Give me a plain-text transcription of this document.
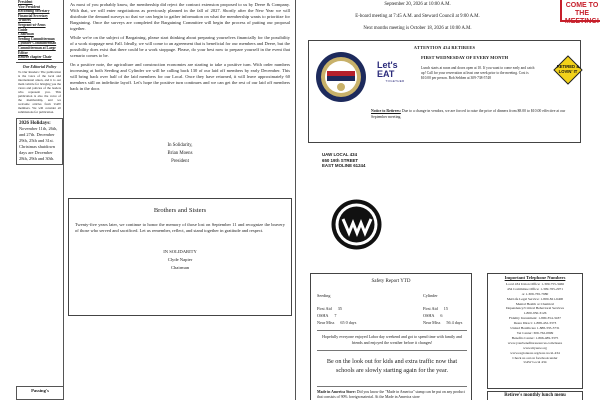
President
Vice President
Recording Secretary
Financial Secretary
Trustees
Sergeant-at-Arms
Guide
Chairman
Seeding Committeeman
Cylinder Committeeman
Committeeman at Large
Editor
Retiree chapter Chair
Our Editorial Policy
To Our Readers: The publication is the voice of the local and international union, and it is our main vehicle for bringing you the views and policies of the leaders who represent you. This publication is also the voice of the membership, and we welcome articles from UAW members. We will consider all submissions for publication.
2026 Holidays:
November 11th, 26th, and 27th. December 29th, 25th and 31st. Christmas shutdown days are December 28th, 29th and 30th.
Passing's

As most of you probably know, the membership did reject the contract extension proposed to us by Deere & Company. With that, we will enter negotiations as previously planned in the fall of 2027. Shortly after the New Year we will distribute the demand surveys so that we can begin to gather information on what the membership wants to prioritize for Bargaining. Once the surveys are completed the Bargaining Committee will begin the process of putting our proposal together.

While we're on the subject of Bargaining, please start thinking about preparing yourselves financially for the possibility of a work stoppage next Fall. Ideally, we will come to an agreement that is beneficial for our members and Deere, but the possibility does exist that there could be a work stoppage. Please, do your best now to prepare yourself in the event that scenario comes to be.

On a positive note, the agriculture and construction economies are starting to take a positive turn. With order numbers increasing at both Seeding and Cylinder we will be calling back 130 of our laid off members by early December. This will bring back over half of the laid members for our Local. Once they have returned, it will leave approximately 60 members still on indefinite layoff. Let's hope the positive turn continues and we can get the rest of our laid off members back in the door.

In Solidarity,
Brian Moens
President
Brothers and Sisters
Twenty-five years later, we continue to honor the memory of those lost on September 11 and recognize the bravery of those who served and sacrificed. Let us remember, reflect, and stand together in gratitude and respect.
IN SOLIDARITY
Clyde Napier
Chairman

September 20, 2026 at 10:00 A.M.

E-board meeting at 7:45 A.M. and Steward Council at 9:00 A.M.

Next months meeting is October 18, 2026 at 10:00 A.M.

COME TO THE MEETING!
ATTENTION 434 RETIREES
Let's EAT
TOGETHER
FIRST WEDNESDAY OF EVERY MONTH
Lunch starts at noon and doors open at 10. If you want to come early and catch up! Call for your reservation at least one week prior to the meeting. Cost is $10.00 per person. Bob Sebben at 309-738-5748
RETIRED & LOVIN' IT
Notice to Retirees: Due to a change in vendors, we are forced to raise the price of dinners from $8.00 to $10.00 effective at our September meeting.
UAW LOCAL 434
650 19th STREET
EAST MOLINE 61244
Safety Report YTD
Seeding	Cylinder
First Aid 35
OSHA 7
Near Miss 65 0 days
First Aid 15
OSHA 6
Near Miss 56 4 days
Hopefully everyone enjoyed Labor day weekend and got to spend time with family and friends and enjoyed the weather before it changes!
Be on the look out for kids and extra traffic now that schools are slowly starting again for the year.
Made in America Store: Did you know the "Made in America" stamp can be put on any product that consists of 90% foreign material. At the Made in America store
Important Telephone Numbers
Local 434 Union Office: 1-309-755-3466
434 Committee Office: 1-309-765-2971
or 1-309-765-7980
MetLife Legal Service: 1-800-821-6400
Mental Health or Chemical
Dependency/Critical Behavioral Services
1-800-950-3126
Fidelity Investment: 1-800-354-3437
Deere Direct: 1-888-432-3373
United Healthcare 1-888-335-3731
Vet Center: 309-762-0999
Benefits Center: 1-866-489-3375
www.yourbenefitsresources.com/deere
www.myuaw.org
www.regionuaw.org/uaw-local-434
Check us out on facebook under
UAW Local 434
Retiree's monthly lunch menu
